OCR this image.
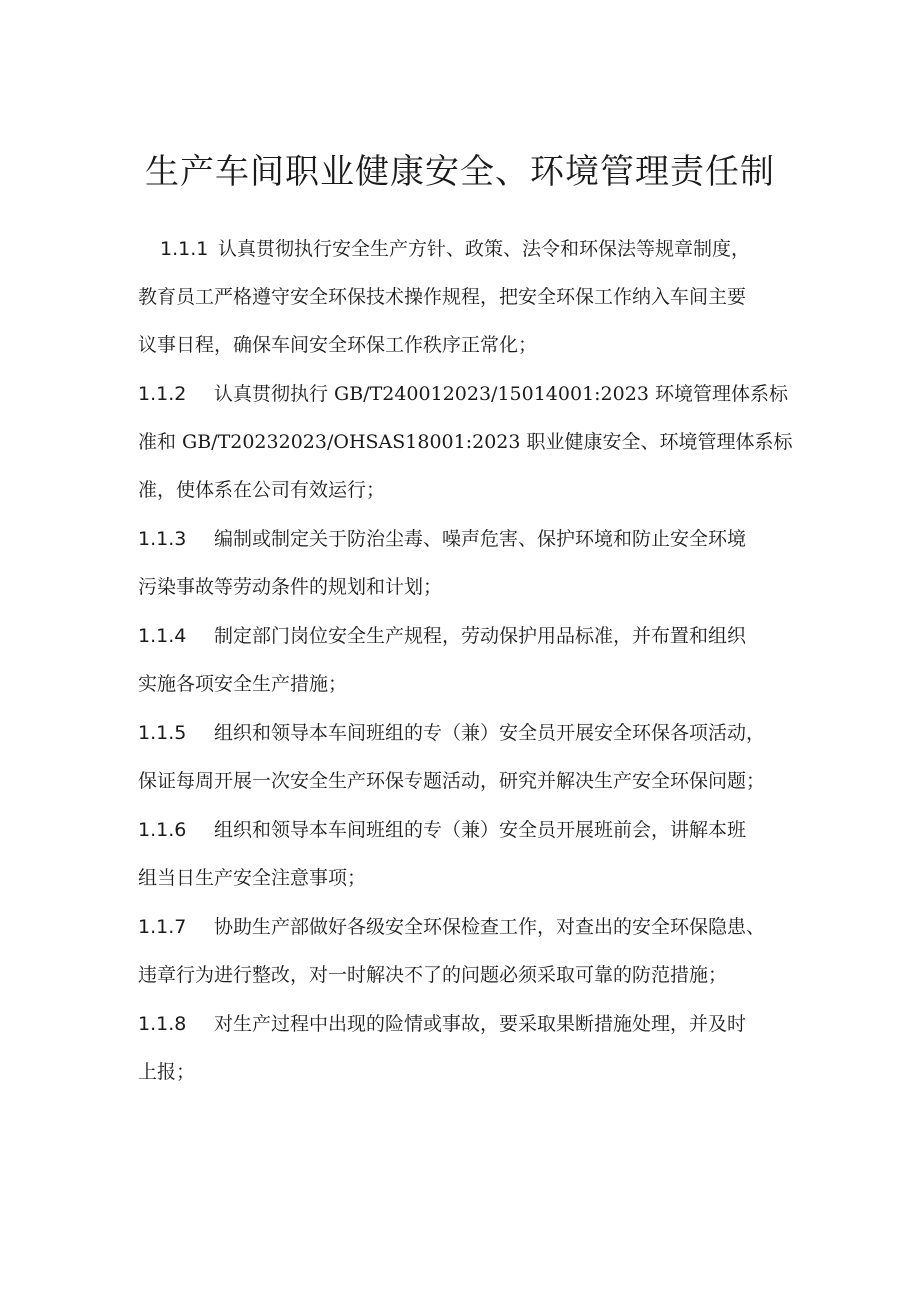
生产车间职业健康安全、环境管理责任制
1.1.1 认真贯彻执行安全生产方针、政策、法令和环保法等规章制度，
教育员工严格遵守安全环保技术操作规程，把安全环保工作纳入车间主要
议事日程，确保车间安全环保工作秩序正常化；
1.1.2 认真贯彻执行 GB/T240012023/15014001:2023 环境管理体系标
准和 GB/T20232023/OHSAS18001:2023 职业健康安全、环境管理体系标
准，使体系在公司有效运行；
1.1.3 编制或制定关于防治尘毒、噪声危害、保护环境和防止安全环境
污染事故等劳动条件的规划和计划；
1.1.4 制定部门岗位安全生产规程，劳动保护用品标准，并布置和组织
实施各项安全生产措施；
1.1.5 组织和领导本车间班组的专（兼）安全员开展安全环保各项活动，
保证每周开展一次安全生产环保专题活动，研究并解决生产安全环保问题；
1.1.6 组织和领导本车间班组的专（兼）安全员开展班前会，讲解本班
组当日生产安全注意事项；
1.1.7 协助生产部做好各级安全环保检查工作，对查出的安全环保隐患、
违章行为进行整改，对一时解决不了的问题必须采取可靠的防范措施；
1.1.8 对生产过程中出现的险情或事故，要采取果断措施处理，并及时
上报；
